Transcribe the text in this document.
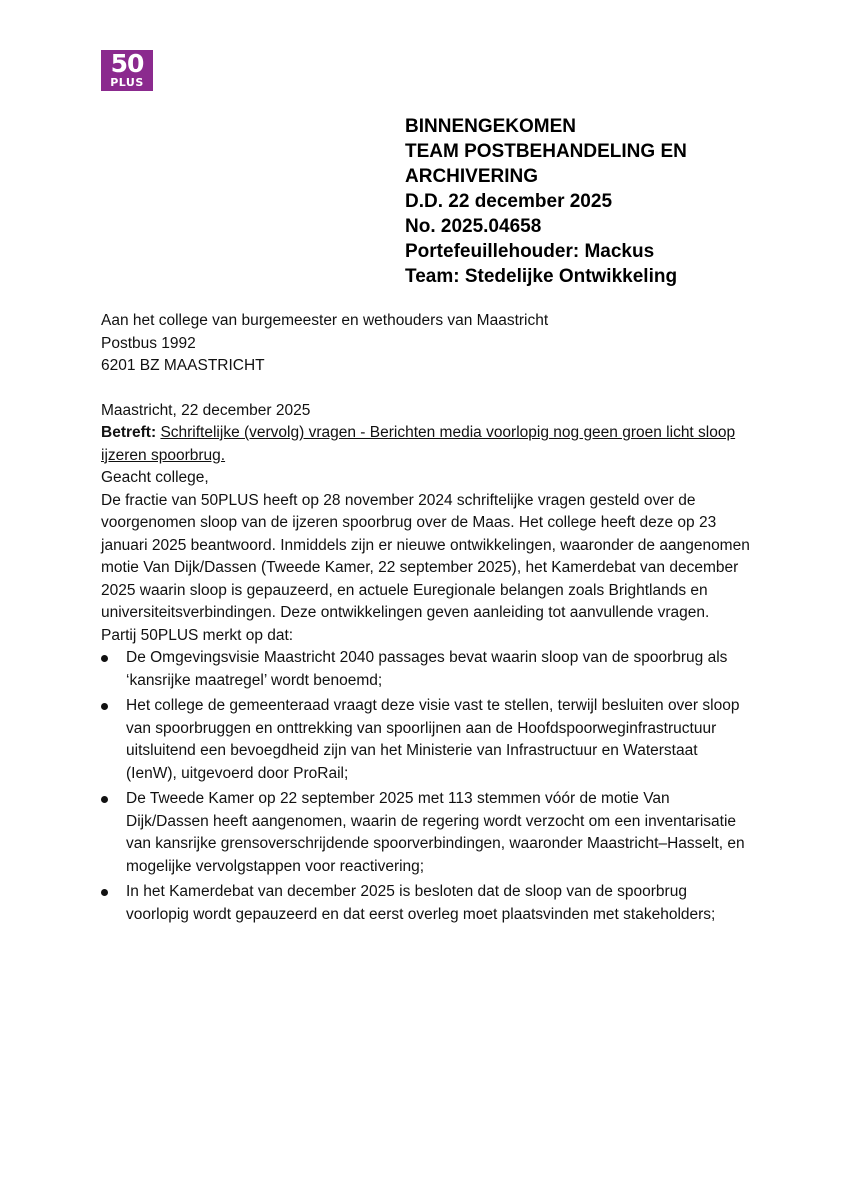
50
PLUS
BINNENGEKOMEN
TEAM POSTBEHANDELING EN
ARCHIVERING
D.D. 22 december 2025
No. 2025.04658
Portefeuillehouder: Mackus
Team: Stedelijke Ontwikkeling

Aan het college van burgemeester en wethouders van Maastricht

Postbus 1992

6201 BZ MAASTRICHT

Maastricht, 22 december 2025

Betreft: Schriftelijke (vervolg) vragen - Berichten media voorlopig nog geen groen licht sloop ijzeren spoorbrug.

Geacht college,

De fractie van 50PLUS heeft op 28 november 2024 schriftelijke vragen gesteld over de voorgenomen sloop van de ijzeren spoorbrug over de Maas. Het college heeft deze op 23 januari 2025 beantwoord. Inmiddels zijn er nieuwe ontwikkelingen, waaronder de aangenomen motie Van Dijk/Dassen (Tweede Kamer, 22 september 2025), het Kamerdebat van december 2025 waarin sloop is gepauzeerd, en actuele Euregionale belangen zoals Brightlands en universiteitsverbindingen. Deze ontwikkelingen geven aanleiding tot aanvullende vragen.

Partij 50PLUS merkt op dat:

De Omgevingsvisie Maastricht 2040 passages bevat waarin sloop van de spoorbrug als ‘kansrijke maatregel’ wordt benoemd;
Het college de gemeenteraad vraagt deze visie vast te stellen, terwijl besluiten over sloop van spoorbruggen en onttrekking van spoorlijnen aan de Hoofdspoorweginfrastructuur uitsluitend een bevoegdheid zijn van het Ministerie van Infrastructuur en Waterstaat (IenW), uitgevoerd door ProRail;
De Tweede Kamer op 22 september 2025 met 113 stemmen vóór de motie Van Dijk/Dassen heeft aangenomen, waarin de regering wordt verzocht om een inventarisatie van kansrijke grensoverschrijdende spoorverbindingen, waaronder Maastricht–Hasselt, en mogelijke vervolgstappen voor reactivering;
In het Kamerdebat van december 2025 is besloten dat de sloop van de spoorbrug voorlopig wordt gepauzeerd en dat eerst overleg moet plaatsvinden met stakeholders;
